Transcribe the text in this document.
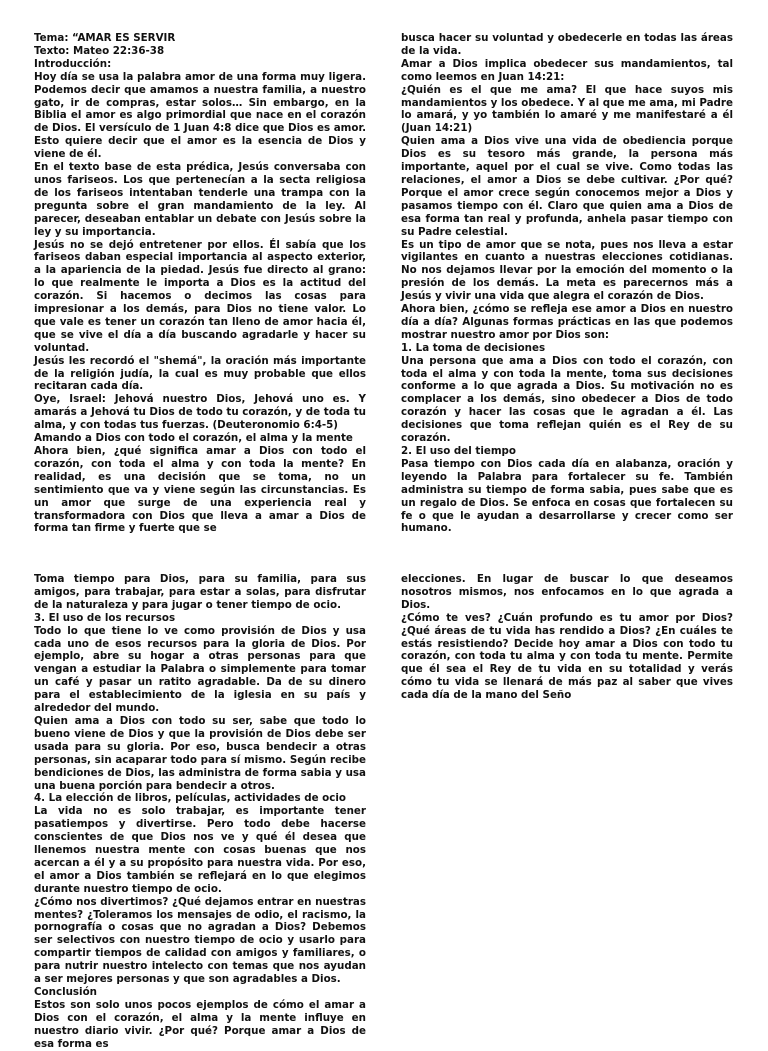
Tema: “AMAR ES SERVIR

Texto: Mateo 22:36-38

Introducción:

Hoy día se usa la palabra amor de una forma muy ligera. Podemos decir que amamos a nuestra familia, a nuestro gato, ir de compras, estar solos… Sin embargo, en la Biblia el amor es algo primordial que nace en el corazón de Dios. El versículo de 1 Juan 4:8 dice que Dios es amor. Esto quiere decir que el amor es la esencia de Dios y viene de él.

En el texto base de esta prédica, Jesús conversaba con unos fariseos. Los que pertenecían a la secta religiosa de los fariseos intentaban tenderle una trampa con la pregunta sobre el gran mandamiento de la ley. Al parecer, deseaban entablar un debate con Jesús sobre la ley y su importancia.

Jesús no se dejó entretener por ellos. Él sabía que los fariseos daban especial importancia al aspecto exterior, a la apariencia de la piedad. Jesús fue directo al grano: lo que realmente le importa a Dios es la actitud del corazón. Si hacemos o decimos las cosas para impresionar a los demás, para Dios no tiene valor. Lo que vale es tener un corazón tan lleno de amor hacia él, que se vive el día a día buscando agradarle y hacer su voluntad.

Jesús les recordó el "shemá", la oración más importante de la religión judía, la cual es muy probable que ellos recitaran cada día.

Oye, Israel: Jehová nuestro Dios, Jehová uno es. Y amarás a Jehová tu Dios de todo tu corazón, y de toda tu alma, y con todas tus fuerzas. (Deuteronomio 6:4-5)

Amando a Dios con todo el corazón, el alma y la mente

Ahora bien, ¿qué significa amar a Dios con todo el corazón, con toda el alma y con toda la mente? En realidad, es una decisión que se toma, no un sentimiento que va y viene según las circunstancias. Es un amor que surge de una experiencia real y transformadora con Dios que lleva a amar a Dios de forma tan firme y fuerte que se

busca hacer su voluntad y obedecerle en todas las áreas de la vida.

Amar a Dios implica obedecer sus mandamientos, tal como leemos en Juan 14:21:

¿Quién es el que me ama? El que hace suyos mis mandamientos y los obedece. Y al que me ama, mi Padre lo amará, y yo también lo amaré y me manifestaré a él (Juan 14:21)

Quien ama a Dios vive una vida de obediencia porque Dios es su tesoro más grande, la persona más importante, aquel por el cual se vive. Como todas las relaciones, el amor a Dios se debe cultivar. ¿Por qué? Porque el amor crece según conocemos mejor a Dios y pasamos tiempo con él. Claro que quien ama a Dios de esa forma tan real y profunda, anhela pasar tiempo con su Padre celestial.

Es un tipo de amor que se nota, pues nos lleva a estar vigilantes en cuanto a nuestras elecciones cotidianas. No nos dejamos llevar por la emoción del momento o la presión de los demás. La meta es parecernos más a Jesús y vivir una vida que alegra el corazón de Dios.

Ahora bien, ¿cómo se refleja ese amor a Dios en nuestro día a día? Algunas formas prácticas en las que podemos mostrar nuestro amor por Dios son:

1. La toma de decisiones

Una persona que ama a Dios con todo el corazón, con toda el alma y con toda la mente, toma sus decisiones conforme a lo que agrada a Dios. Su motivación no es complacer a los demás, sino obedecer a Dios de todo corazón y hacer las cosas que le agradan a él. Las decisiones que toma reflejan quién es el Rey de su corazón.

2. El uso del tiempo

Pasa tiempo con Dios cada día en alabanza, oración y leyendo la Palabra para fortalecer su fe. También administra su tiempo de forma sabia, pues sabe que es un regalo de Dios. Se enfoca en cosas que fortalecen su fe o que le ayudan a desarrollarse y crecer como ser humano.

Toma tiempo para Dios, para su familia, para sus amigos, para trabajar, para estar a solas, para disfrutar de la naturaleza y para jugar o tener tiempo de ocio.

3. El uso de los recursos

Todo lo que tiene lo ve como provisión de Dios y usa cada uno de esos recursos para la gloria de Dios. Por ejemplo, abre su hogar a otras personas para que vengan a estudiar la Palabra o simplemente para tomar un café y pasar un ratito agradable. Da de su dinero para el establecimiento de la iglesia en su país y alrededor del mundo.

Quien ama a Dios con todo su ser, sabe que todo lo bueno viene de Dios y que la provisión de Dios debe ser usada para su gloria. Por eso, busca bendecir a otras personas, sin acaparar todo para sí mismo. Según recibe bendiciones de Dios, las administra de forma sabia y usa una buena porción para bendecir a otros.

4. La elección de libros, películas, actividades de ocio

La vida no es solo trabajar, es importante tener pasatiempos y divertirse. Pero todo debe hacerse conscientes de que Dios nos ve y qué él desea que llenemos nuestra mente con cosas buenas que nos acercan a él y a su propósito para nuestra vida. Por eso, el amor a Dios también se reflejará en lo que elegimos durante nuestro tiempo de ocio.

¿Cómo nos divertimos? ¿Qué dejamos entrar en nuestras mentes? ¿Toleramos los mensajes de odio, el racismo, la pornografía o cosas que no agradan a Dios? Debemos ser selectivos con nuestro tiempo de ocio y usarlo para compartir tiempos de calidad con amigos y familiares, o para nutrir nuestro intelecto con temas que nos ayudan a ser mejores personas y que son agradables a Dios.

Conclusión

Estos son solo unos pocos ejemplos de cómo el amar a Dios con el corazón, el alma y la mente influye en nuestro diario vivir. ¿Por qué? Porque amar a Dios de esa forma es

elecciones. En lugar de buscar lo que deseamos nosotros mismos, nos enfocamos en lo que agrada a Dios.

¿Cómo te ves? ¿Cuán profundo es tu amor por Dios? ¿Qué áreas de tu vida has rendido a Dios? ¿En cuáles te estás resistiendo? Decide hoy amar a Dios con todo tu corazón, con toda tu alma y con toda tu mente. Permite que él sea el Rey de tu vida en su totalidad y verás cómo tu vida se llenará de más paz al saber que vives cada día de la mano del Seño
